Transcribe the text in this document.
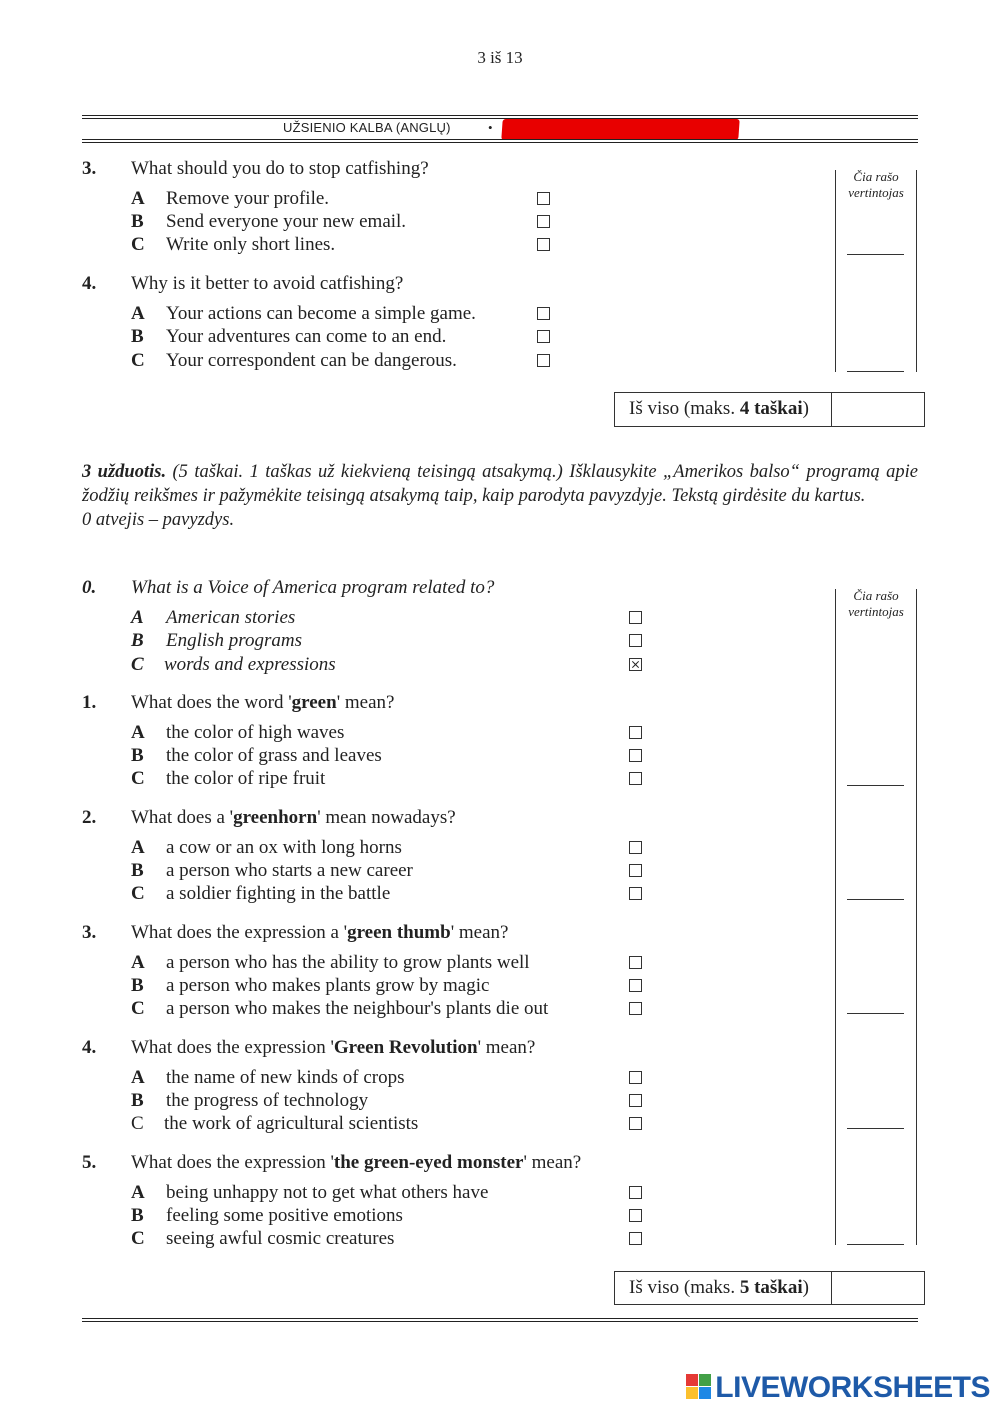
3 iš 13
UŽSIENIO KALBA (ANGLŲ)	•
3. What should you do to stop catfishing?
A Remove your profile.
B Send everyone your new email.
C Write only short lines.
4. Why is it better to avoid catfishing?
A Your actions can become a simple game.
B Your adventures can come to an end.
C Your correspondent can be dangerous.
Čia rašo
vertintojas
Iš viso (maks. 4 taškai)
3 užduotis. (5 taškai. 1 taškas už kiekvieną teisingą atsakymą.) Išklausykite „Amerikos balso“ programą apie žodžių reikšmes ir pažymėkite teisingą atsakymą taip, kaip parodyta pavyzdyje. Tekstą girdėsite du kartus.
0 atvejis – pavyzdys.
0. What is a Voice of America program related to?
A American stories
B English programs
C words and expressions
1. What does the word 'green' mean?
A the color of high waves
B the color of grass and leaves
C the color of ripe fruit
2. What does a 'greenhorn' mean nowadays?
A a cow or an ox with long horns
B a person who starts a new career
C a soldier fighting in the battle
3. What does the expression a 'green thumb' mean?
A a person who has the ability to grow plants well
B a person who makes plants grow by magic
C a person who makes the neighbour's plants die out
4. What does the expression 'Green Revolution' mean?
A the name of new kinds of crops
B the progress of technology
C the work of agricultural scientists
5. What does the expression 'the green-eyed monster' mean?
A being unhappy not to get what others have
B feeling some positive emotions
C seeing awful cosmic creatures
Čia rašo
vertintojas
Iš viso (maks. 5 taškai)
LIVEWORKSHEETS
